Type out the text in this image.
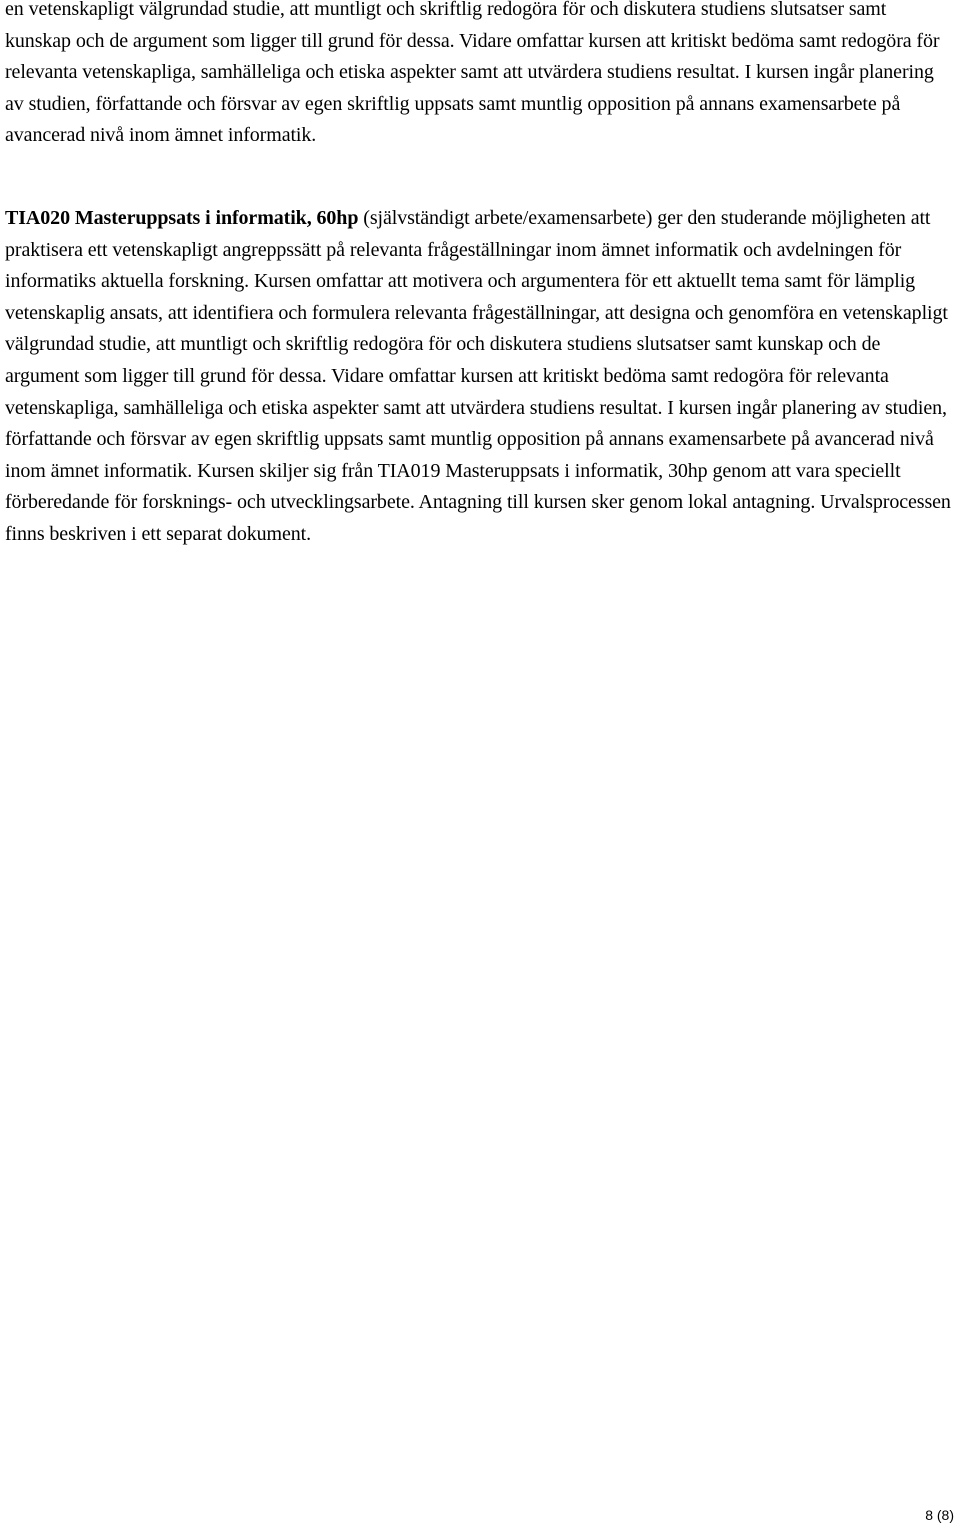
en vetenskapligt välgrundad studie, att muntligt och skriftlig redogöra för och diskutera studiens slutsatser samt kunskap och de argument som ligger till grund för dessa. Vidare omfattar kursen att kritiskt bedöma samt redogöra för relevanta vetenskapliga, samhälleliga och etiska aspekter samt att utvärdera studiens resultat. I kursen ingår planering av studien, författande och försvar av egen skriftlig uppsats samt muntlig opposition på annans examensarbete på avancerad nivå inom ämnet informatik.

TIA020 Masteruppsats i informatik, 60hp (självständigt arbete/examensarbete) ger den studerande möjligheten att praktisera ett vetenskapligt angreppssätt på relevanta frågeställningar inom ämnet informatik och avdelningen för informatiks aktuella forskning. Kursen omfattar att motivera och argumentera för ett aktuellt tema samt för lämplig vetenskaplig ansats, att identifiera och formulera relevanta frågeställningar, att designa och genomföra en vetenskapligt välgrundad studie, att muntligt och skriftlig redogöra för och diskutera studiens slutsatser samt kunskap och de argument som ligger till grund för dessa. Vidare omfattar kursen att kritiskt bedöma samt redogöra för relevanta vetenskapliga, samhälleliga och etiska aspekter samt att utvärdera studiens resultat. I kursen ingår planering av studien, författande och försvar av egen skriftlig uppsats samt muntlig opposition på annans examensarbete på avancerad nivå inom ämnet informatik. Kursen skiljer sig från TIA019 Masteruppsats i informatik, 30hp genom att vara speciellt förberedande för forsknings- och utvecklingsarbete. Antagning till kursen sker genom lokal antagning. Urvalsprocessen finns beskriven i ett separat dokument.

8 (8)
